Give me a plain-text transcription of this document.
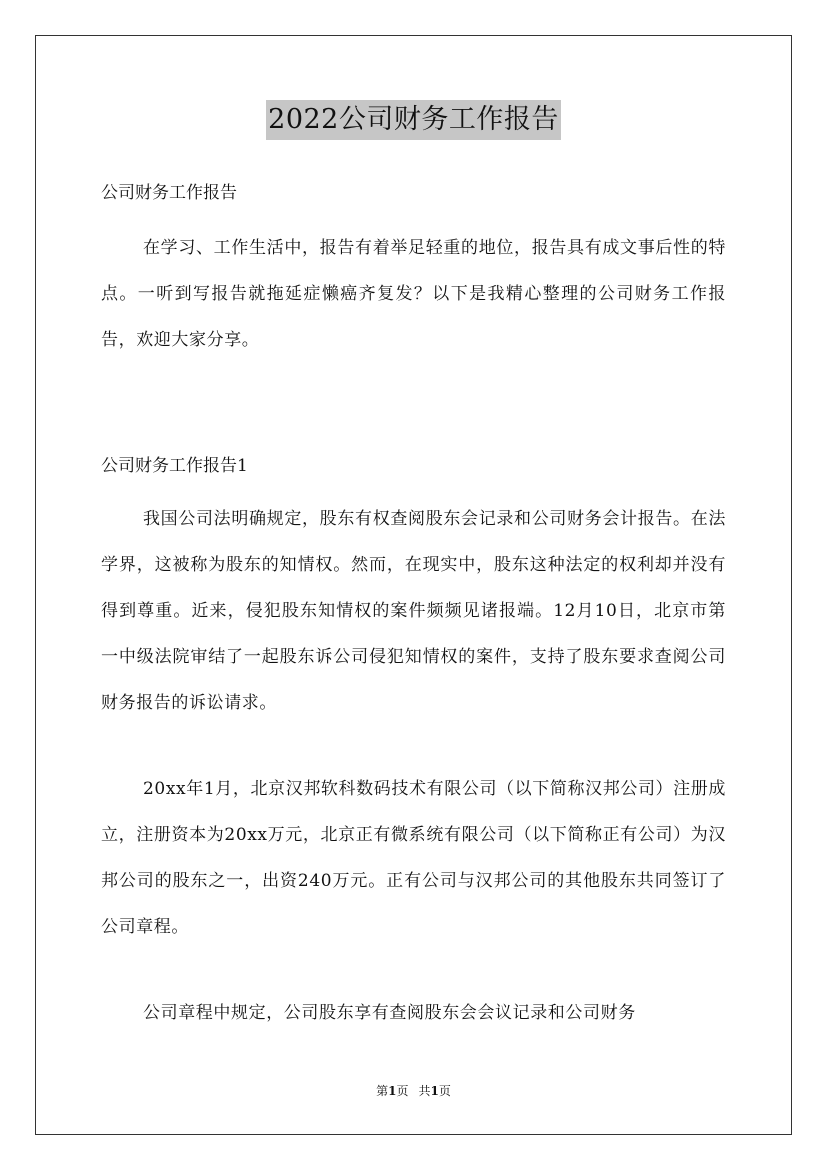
2022公司财务工作报告
公司财务工作报告

在学习、工作生活中，报告有着举足轻重的地位，报告具有成文事后性的特点。一听到写报告就拖延症懒癌齐复发？以下是我精心整理的公司财务工作报告，欢迎大家分享。

公司财务工作报告1

我国公司法明确规定，股东有权查阅股东会记录和公司财务会计报告。在法学界，这被称为股东的知情权。然而，在现实中，股东这种法定的权利却并没有得到尊重。近来，侵犯股东知情权的案件频频见诸报端。12月10日，北京市第一中级法院审结了一起股东诉公司侵犯知情权的案件，支持了股东要求查阅公司财务报告的诉讼请求。

20xx年1月，北京汉邦软科数码技术有限公司（以下简称汉邦公司）注册成立，注册资本为20xx万元，北京正有微系统有限公司（以下简称正有公司）为汉邦公司的股东之一，出资240万元。正有公司与汉邦公司的其他股东共同签订了公司章程。

公司章程中规定，公司股东享有查阅股东会会议记录和公司财务

第1页 共1页
